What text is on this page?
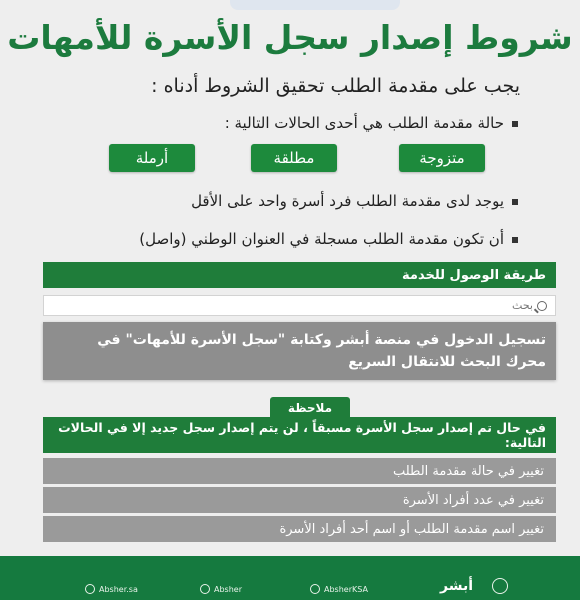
شروط إصدار سجل الأسرة للأمهات

يجب على مقدمة الطلب تحقيق الشروط أدناه :

حالة مقدمة الطلب هي أحدى الحالات التالية :
متزوجة
مطلقة
أرملة
يوجد لدى مقدمة الطلب فرد أسرة واحد على الأقل
أن تكون مقدمة الطلب مسجلة في العنوان الوطني (واصل)
طريقة الوصول للخدمة
بحث
تسجيل الدخول في منصة أبشر وكتابة "سجل الأسرة للأمهات" في محرك البحث للانتقال السريع
ملاحظة
في حال تم إصدار سجل الأسرة مسبقاً ، لن يتم إصدار سجل جديد إلا في الحالات التالية:
تغيير في حالة مقدمة الطلب
تغيير في عدد أفراد الأسرة
تغيير اسم مقدمة الطلب أو اسم أحد أفراد الأسرة
Absher.sa	Absher	AbsherKSA	أبشر
